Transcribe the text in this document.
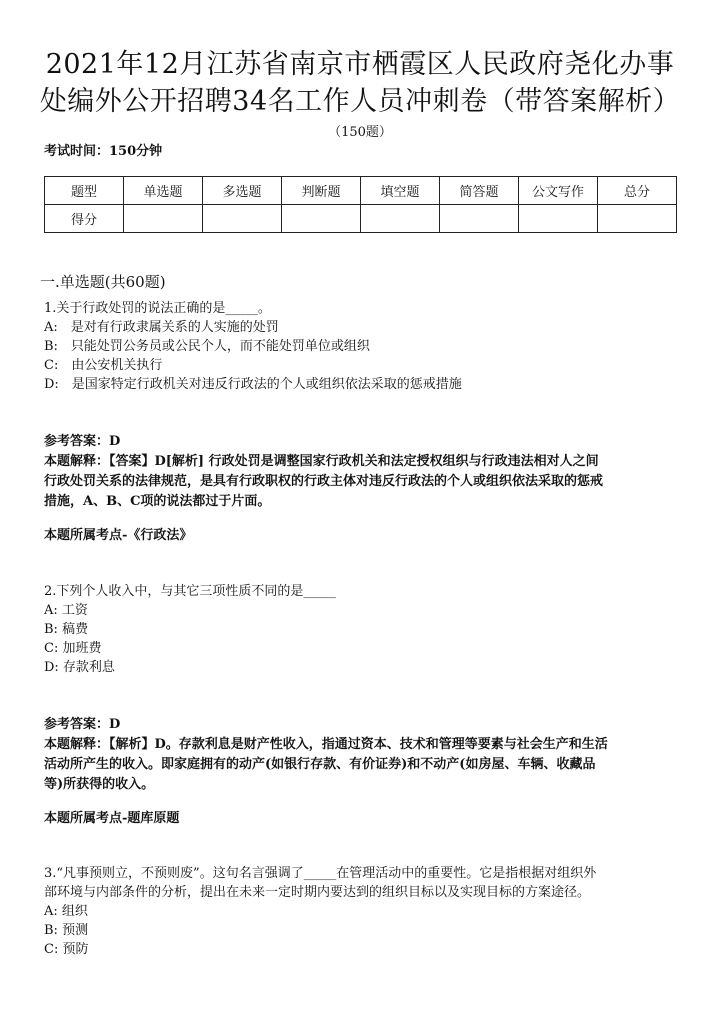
2021年12月江苏省南京市栖霞区人民政府尧化办事
处编外公开招聘34名工作人员冲刺卷（带答案解析）
（150题）
考试时间：150分钟
题型	单选题	多选题	判断题	填空题	简答题	公文写作	总分
得分							
一.单选题(共60题)
1.关于行政处罚的说法正确的是_____。
A:　是对有行政隶属关系的人实施的处罚
B:　只能处罚公务员或公民个人，而不能处罚单位或组织
C:　由公安机关执行
D:　是国家特定行政机关对违反行政法的个人或组织依法采取的惩戒措施
参考答案：D
本题解释：【答案】D[解析] 行政处罚是调整国家行政机关和法定授权组织与行政违法相对人之间
行政处罚关系的法律规范，是具有行政职权的行政主体对违反行政法的个人或组织依法采取的惩戒
措施，A、B、C项的说法都过于片面。
本题所属考点-《行政法》
2.下列个人收入中，与其它三项性质不同的是_____
A: 工资
B: 稿费
C: 加班费
D: 存款利息
参考答案：D
本题解释：【解析】D。存款利息是财产性收入，指通过资本、技术和管理等要素与社会生产和生活
活动所产生的收入。即家庭拥有的动产(如银行存款、有价证券)和不动产(如房屋、车辆、收藏品
等)所获得的收入。
本题所属考点-题库原题
3.“凡事预则立，不预则废”。这句名言强调了_____在管理活动中的重要性。它是指根据对组织外
部环境与内部条件的分析，提出在未来一定时期内要达到的组织目标以及实现目标的方案途径。
A: 组织
B: 预测
C: 预防
